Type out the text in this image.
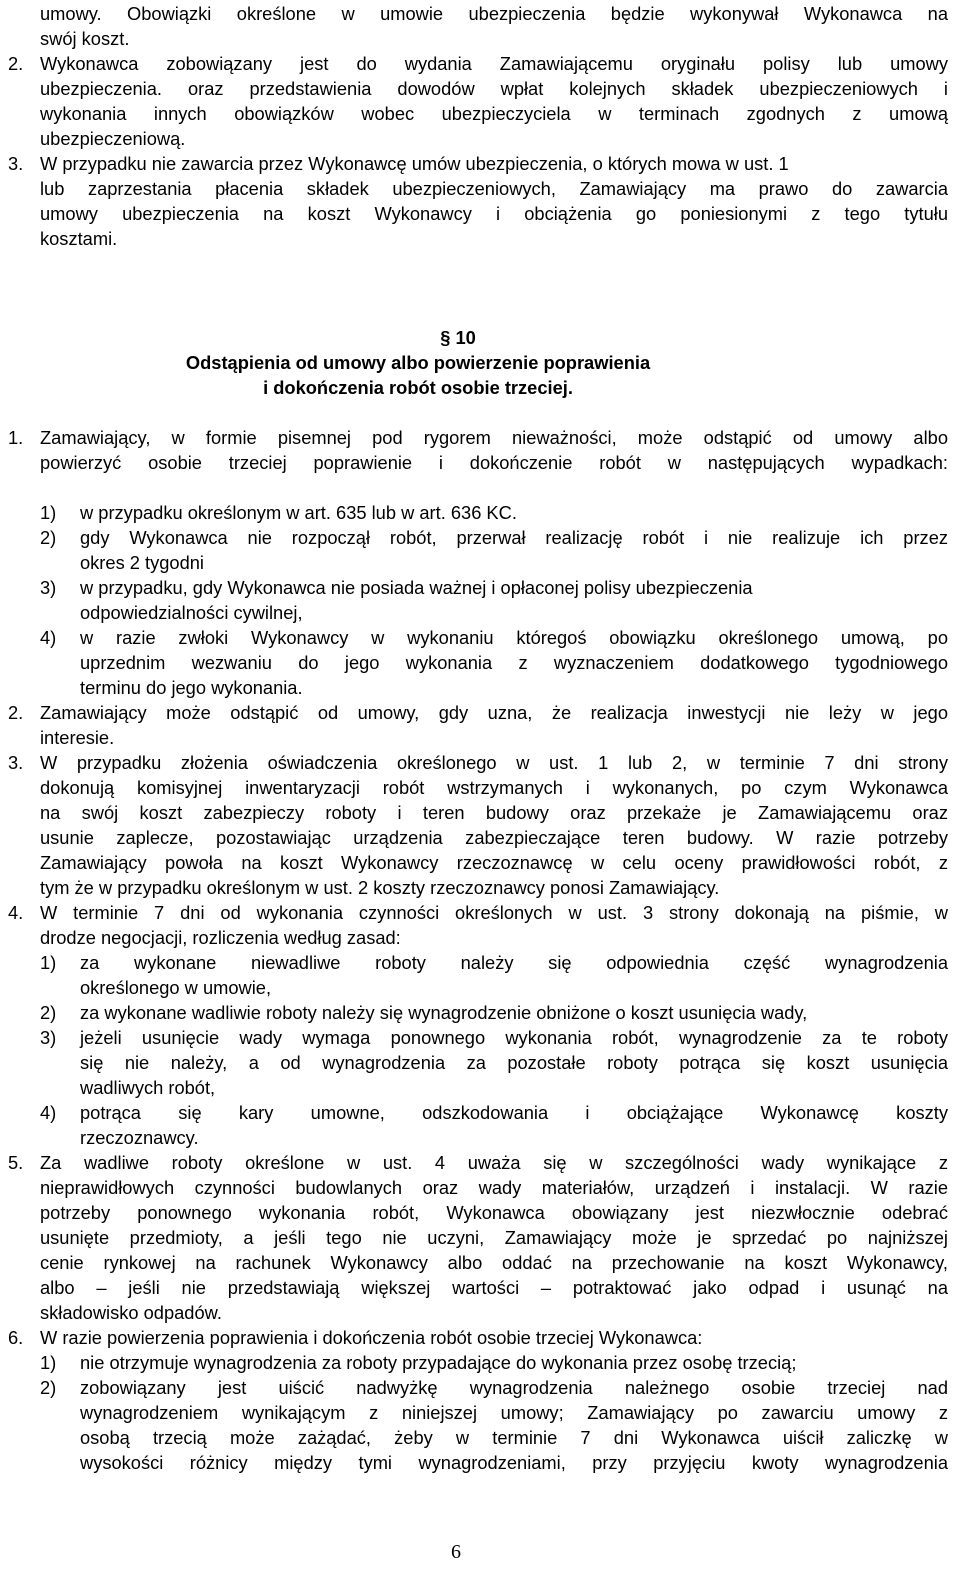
umowy. Obowiązki określone w umowie ubezpieczenia będzie wykonywał Wykonawca na
swój koszt.
2. Wykonawca zobowiązany jest do wydania Zamawiającemu oryginału polisy lub umowy
ubezpieczenia. oraz przedstawienia dowodów wpłat kolejnych składek ubezpieczeniowych i
wykonania innych obowiązków wobec ubezpieczyciela w terminach zgodnych z umową
ubezpieczeniową.
3. W przypadku nie zawarcia przez Wykonawcę umów ubezpieczenia, o których mowa w ust. 1
lub zaprzestania płacenia składek ubezpieczeniowych, Zamawiający ma prawo do zawarcia
umowy ubezpieczenia na koszt Wykonawcy i obciążenia go poniesionymi z tego tytułu
kosztami.
§ 10
Odstąpienia od umowy albo powierzenie poprawienia
i dokończenia robót osobie trzeciej.
1. Zamawiający, w formie pisemnej pod rygorem nieważności, może odstąpić od umowy albo
powierzyć osobie trzeciej poprawienie i dokończenie robót w następujących wypadkach:
1)	w przypadku określonym w art. 635 lub w art. 636 KC.
2)	gdy Wykonawca nie rozpoczął robót, przerwał realizację robót i nie realizuje ich przez
okres 2 tygodni
3)	w przypadku, gdy Wykonawca nie posiada ważnej i opłaconej polisy ubezpieczenia
odpowiedzialności cywilnej,
4)	w razie zwłoki Wykonawcy w wykonaniu któregoś obowiązku określonego umową, po
uprzednim wezwaniu do jego wykonania z wyznaczeniem dodatkowego tygodniowego
terminu do jego wykonania.
2. Zamawiający może odstąpić od umowy, gdy uzna, że realizacja inwestycji nie leży w jego
interesie.
3. W przypadku złożenia oświadczenia określonego w ust. 1 lub 2, w terminie 7 dni strony
dokonują komisyjnej inwentaryzacji robót wstrzymanych i wykonanych, po czym Wykonawca
na swój koszt zabezpieczy roboty i teren budowy oraz przekaże je Zamawiającemu oraz
usunie zaplecze, pozostawiając urządzenia zabezpieczające teren budowy. W razie potrzeby
Zamawiający powoła na koszt Wykonawcy rzeczoznawcę w celu oceny prawidłowości robót, z
tym że w przypadku określonym w ust. 2 koszty rzeczoznawcy ponosi Zamawiający.
4. W terminie 7 dni od wykonania czynności określonych w ust. 3 strony dokonają na piśmie, w
drodze negocjacji, rozliczenia według zasad:
1)	za wykonane niewadliwe roboty należy się odpowiednia część wynagrodzenia
określonego w umowie,
2)	za wykonane wadliwie roboty należy się wynagrodzenie obniżone o koszt usunięcia wady,
3)	jeżeli usunięcie wady wymaga ponownego wykonania robót, wynagrodzenie za te roboty
się nie należy, a od wynagrodzenia za pozostałe roboty potrąca się koszt usunięcia
wadliwych robót,
4)	potrąca się kary umowne, odszkodowania i obciążające Wykonawcę koszty
rzeczoznawcy.
5. Za wadliwe roboty określone w ust. 4 uważa się w szczególności wady wynikające z
nieprawidłowych czynności budowlanych oraz wady materiałów, urządzeń i instalacji. W razie
potrzeby ponownego wykonania robót, Wykonawca obowiązany jest niezwłocznie odebrać
usunięte przedmioty, a jeśli tego nie uczyni, Zamawiający może je sprzedać po najniższej
cenie rynkowej na rachunek Wykonawcy albo oddać na przechowanie na koszt Wykonawcy,
albo – jeśli nie przedstawiają większej wartości – potraktować jako odpad i usunąć na
składowisko odpadów.
6. W razie powierzenia poprawienia i dokończenia robót osobie trzeciej Wykonawca:
1)	nie otrzymuje wynagrodzenia za roboty przypadające do wykonania przez osobę trzecią;
2)	zobowiązany jest uiścić nadwyżkę wynagrodzenia należnego osobie trzeciej nad
wynagrodzeniem wynikającym z niniejszej umowy; Zamawiający po zawarciu umowy z
osobą trzecią może zażądać, żeby w terminie 7 dni Wykonawca uiścił zaliczkę w
wysokości różnicy między tymi wynagrodzeniami, przy przyjęciu kwoty wynagrodzenia
6
